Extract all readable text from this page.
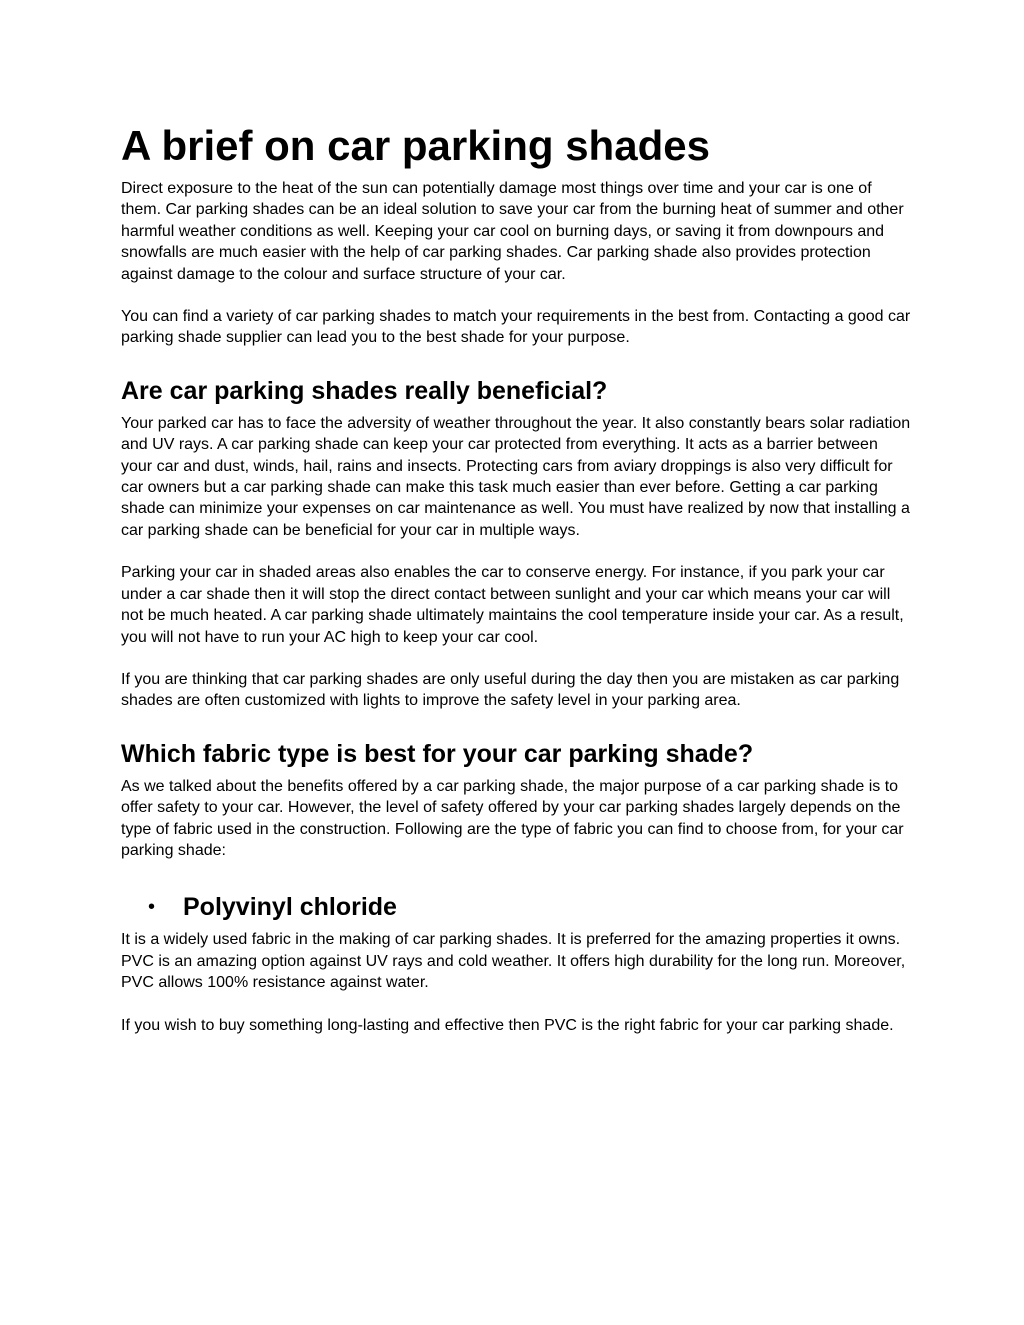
A brief on car parking shades

Direct exposure to the heat of the sun can potentially damage most things over time and your car is one of them. Car parking shades can be an ideal solution to save your car from the burning heat of summer and other harmful weather conditions as well. Keeping your car cool on burning days, or saving it from downpours and snowfalls are much easier with the help of car parking shades. Car parking shade also provides protection against damage to the colour and surface structure of your car.

You can find a variety of car parking shades to match your requirements in the best from. Contacting a good car parking shade supplier can lead you to the best shade for your purpose.

Are car parking shades really beneficial?

Your parked car has to face the adversity of weather throughout the year. It also constantly bears solar radiation and UV rays. A car parking shade can keep your car protected from everything. It acts as a barrier between your car and dust, winds, hail, rains and insects. Protecting cars from aviary droppings is also very difficult for car owners but a car parking shade can make this task much easier than ever before. Getting a car parking shade can minimize your expenses on car maintenance as well. You must have realized by now that installing a car parking shade can be beneficial for your car in multiple ways.

Parking your car in shaded areas also enables the car to conserve energy. For instance, if you park your car under a car shade then it will stop the direct contact between sunlight and your car which means your car will not be much heated. A car parking shade ultimately maintains the cool temperature inside your car. As a result, you will not have to run your AC high to keep your car cool.

If you are thinking that car parking shades are only useful during the day then you are mistaken as car parking shades are often customized with lights to improve the safety level in your parking area.

Which fabric type is best for your car parking shade?

As we talked about the benefits offered by a car parking shade, the major purpose of a car parking shade is to offer safety to your car. However, the level of safety offered by your car parking shades largely depends on the type of fabric used in the construction. Following are the type of fabric you can find to choose from, for your car parking shade:

•	Polyvinyl chloride

It is a widely used fabric in the making of car parking shades. It is preferred for the amazing properties it owns. PVC is an amazing option against UV rays and cold weather. It offers high durability for the long run. Moreover, PVC allows 100% resistance against water.

If you wish to buy something long-lasting and effective then PVC is the right fabric for your car parking shade.
